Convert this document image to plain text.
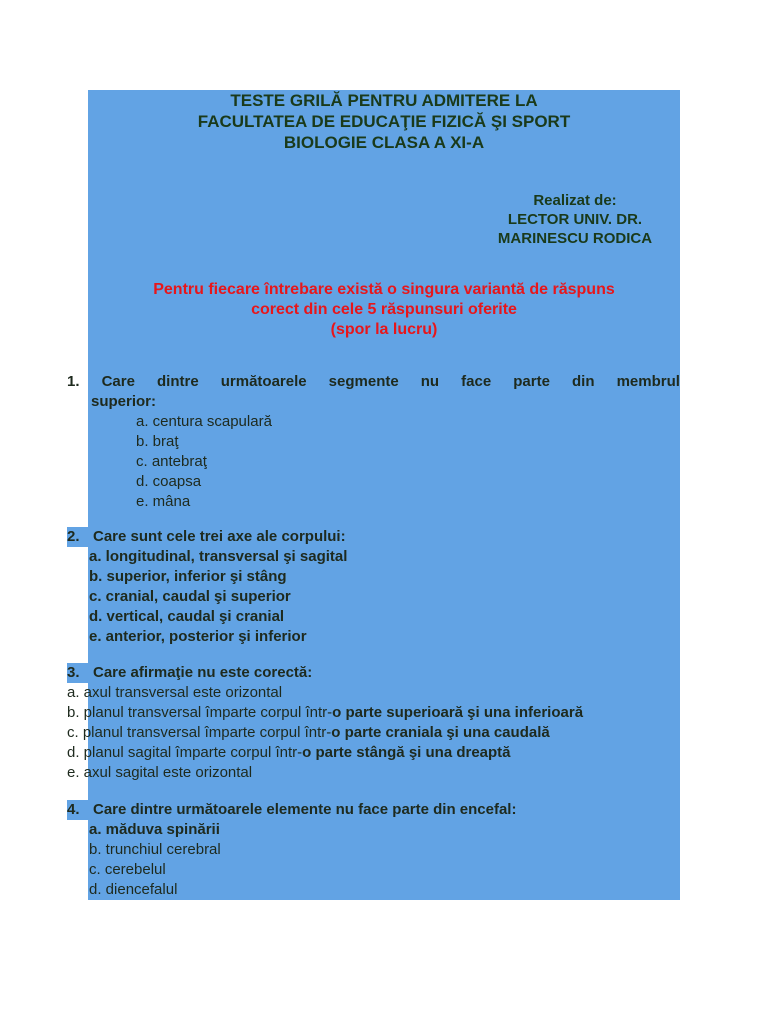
TESTE GRILĂ PENTRU ADMITERE LA
FACULTATEA DE EDUCAŢIE FIZICĂ ŞI SPORT
BIOLOGIE CLASA A XI-A
Realizat de:
LECTOR UNIV. DR.
MARINESCU RODICA
Pentru fiecare întrebare există o singura variantă de răspuns
corect din cele 5 răspunsuri oferite
(spor la lucru)
1. Care dintre următoarele segmente nu face parte din membrul
superior:
a. centura scapulară
b. braţ
c. antebraţ
d. coapsa
e. mâna
2. Care sunt cele trei axe ale corpului:
a. longitudinal, transversal şi sagital
b. superior, inferior şi stâng
c. cranial, caudal şi superior
d. vertical, caudal şi cranial
e. anterior, posterior şi inferior
3. Care afirmaţie nu este corectă:
a. axul transversal este orizontal
b. planul transversal împarte corpul într-o parte superioară şi una inferioară
c. planul transversal împarte corpul într-o parte craniala şi una caudală
d. planul sagital împarte corpul într-o parte stângă şi una dreaptă
e. axul sagital este orizontal
4. Care dintre următoarele elemente nu face parte din encefal:
a. măduva spinării
b. trunchiul cerebral
c. cerebelul
d. diencefalul
